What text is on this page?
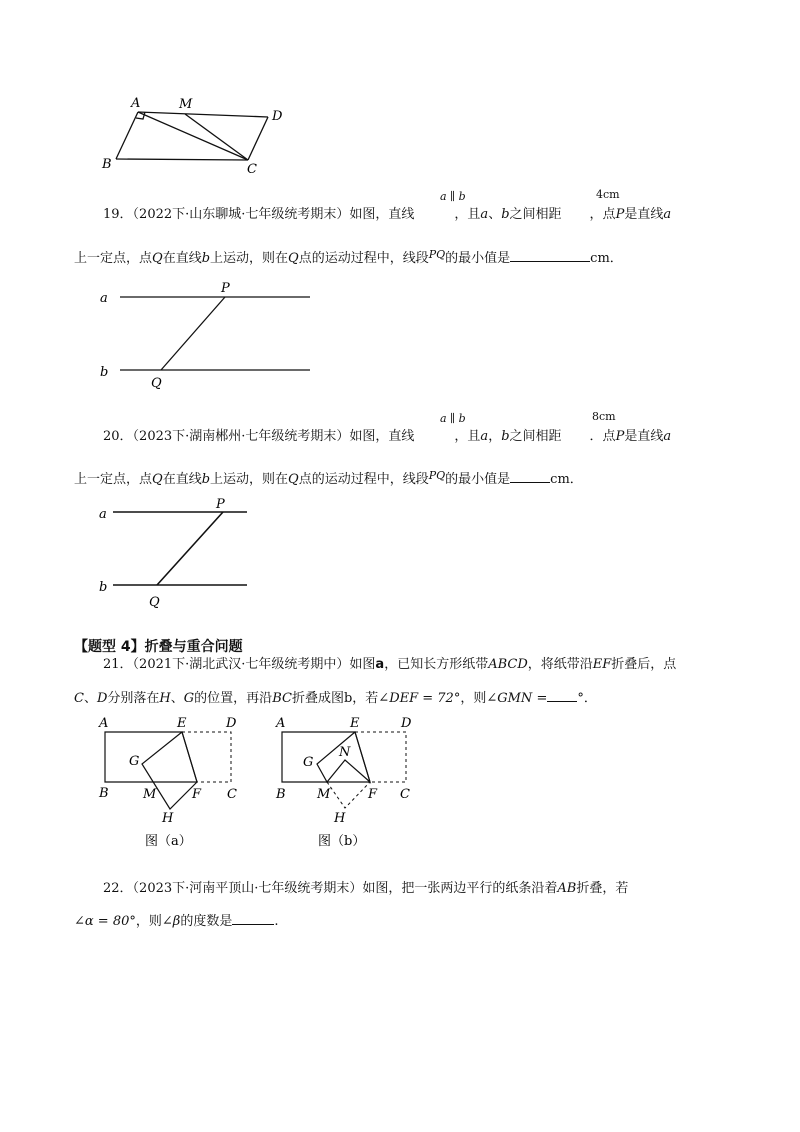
A	M
D
B	C
a ∥ b	4cm
19．（2022下·山东聊城·七年级统考期末）如图，直线	，且a、b之间相距 ，点P是直线a
上一定点，点Q在直线b上运动，则在Q点的运动过程中，线段$^{PQ}$的最小值是	cm．
a
b
P
Q
a ∥ b	8cm
20．（2023下·湖南郴州·七年级统考期末）如图，直线	，且a，b之间相距 ．点P是直线a
上一定点，点Q在直线b上运动，则在Q点的运动过程中，线段$^{PQ}$的最小值是	cm．
a
b
P
Q
【题型 4】折叠与重合问题
21．（2021下·湖北武汉·七年级统考期中）如图a，已知长方形纸带ABCD，将纸带沿EF折叠后，点
C、D分别落在H、G的位置，再沿BC折叠成图b，若∠DEF = 72°，则∠GMN = °．
A	E	D
G
B	M	F C
H
图（a）
A	E	D
N
G
B M	F C
H
图（b）
22．（2023下·河南平顶山·七年级统考期末）如图，把一张两边平行的纸条沿着AB折叠，若
∠α = 80°，则∠β的度数是	.
